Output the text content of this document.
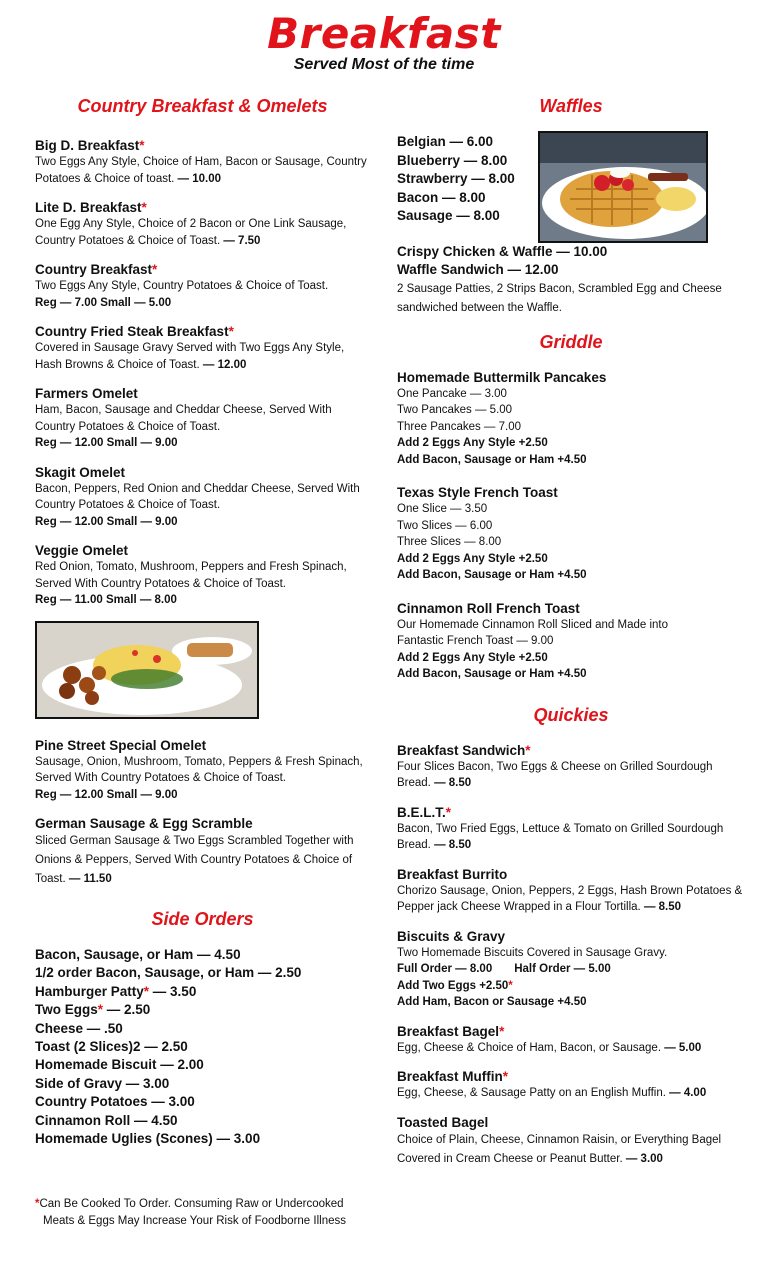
Breakfast
Served Most of the time
Country Breakfast & Omelets
Big D. Breakfast*
Two Eggs Any Style, Choice of Ham, Bacon or Sausage, Country Potatoes & Choice of toast. — 10.00
Lite D. Breakfast*
One Egg Any Style, Choice of 2 Bacon or One Link Sausage, Country Potatoes & Choice of Toast. — 7.50
Country Breakfast*
Two Eggs Any Style, Country Potatoes & Choice of Toast.
Reg — 7.00 Small — 5.00
Country Fried Steak Breakfast*
Covered in Sausage Gravy Served with Two Eggs Any Style, Hash Browns & Choice of Toast. — 12.00
Farmers Omelet
Ham, Bacon, Sausage and Cheddar Cheese, Served With Country Potatoes & Choice of Toast.
Reg — 12.00 Small — 9.00
Skagit Omelet
Bacon, Peppers, Red Onion and Cheddar Cheese, Served With Country Potatoes & Choice of Toast.
Reg — 12.00 Small — 9.00
Veggie Omelet
Red Onion, Tomato, Mushroom, Peppers and Fresh Spinach, Served With Country Potatoes & Choice of Toast.
Reg — 11.00 Small — 8.00
Pine Street Special Omelet
Sausage, Onion, Mushroom, Tomato, Peppers & Fresh Spinach, Served With Country Potatoes & Choice of Toast.
Reg — 12.00 Small — 9.00
German Sausage & Egg Scramble
Sliced German Sausage & Two Eggs Scrambled Together with Onions & Peppers, Served With Country Potatoes & Choice of Toast. — 11.50
Side Orders
Bacon, Sausage, or Ham — 4.50
1/2 order Bacon, Sausage, or Ham — 2.50
Hamburger Patty* — 3.50
Two Eggs* — 2.50
Cheese — .50
Toast (2 Slices)2 — 2.50
Homemade Biscuit — 2.00
Side of Gravy — 3.00
Country Potatoes — 3.00
Cinnamon Roll — 4.50
Homemade Uglies (Scones) — 3.00
*Can Be Cooked To Order. Consuming Raw or Undercooked
Meats & Eggs May Increase Your Risk of Foodborne Illness
Waffles
Belgian — 6.00
Blueberry — 8.00
Strawberry — 8.00
Bacon — 8.00
Sausage — 8.00
Crispy Chicken & Waffle — 10.00
Waffle Sandwich — 12.00
2 Sausage Patties, 2 Strips Bacon, Scrambled Egg and Cheese sandwiched between the Waffle.
Griddle
Homemade Buttermilk Pancakes
One Pancake — 3.00
Two Pancakes — 5.00
Three Pancakes — 7.00
Add 2 Eggs Any Style +2.50
Add Bacon, Sausage or Ham +4.50
Texas Style French Toast
One Slice — 3.50
Two Slices — 6.00
Three Slices — 8.00
Add 2 Eggs Any Style +2.50
Add Bacon, Sausage or Ham +4.50
Cinnamon Roll French Toast
Our Homemade Cinnamon Roll Sliced and Made into
Fantastic French Toast — 9.00
Add 2 Eggs Any Style +2.50
Add Bacon, Sausage or Ham +4.50
Quickies
Breakfast Sandwich*
Four Slices Bacon, Two Eggs & Cheese on Grilled Sourdough Bread. — 8.50
B.E.L.T.*
Bacon, Two Fried Eggs, Lettuce & Tomato on Grilled Sourdough Bread. — 8.50
Breakfast Burrito
Chorizo Sausage, Onion, Peppers, 2 Eggs, Hash Brown Potatoes & Pepper jack Cheese Wrapped in a Flour Tortilla. — 8.50
Biscuits & Gravy
Two Homemade Biscuits Covered in Sausage Gravy.
Full Order — 8.00 Half Order — 5.00
Add Two Eggs +2.50*
Add Ham, Bacon or Sausage +4.50
Breakfast Bagel*
Egg, Cheese & Choice of Ham, Bacon, or Sausage. — 5.00
Breakfast Muffin*
Egg, Cheese, & Sausage Patty on an English Muffin. — 4.00
Toasted Bagel
Choice of Plain, Cheese, Cinnamon Raisin, or Everything Bagel Covered in Cream Cheese or Peanut Butter. — 3.00
